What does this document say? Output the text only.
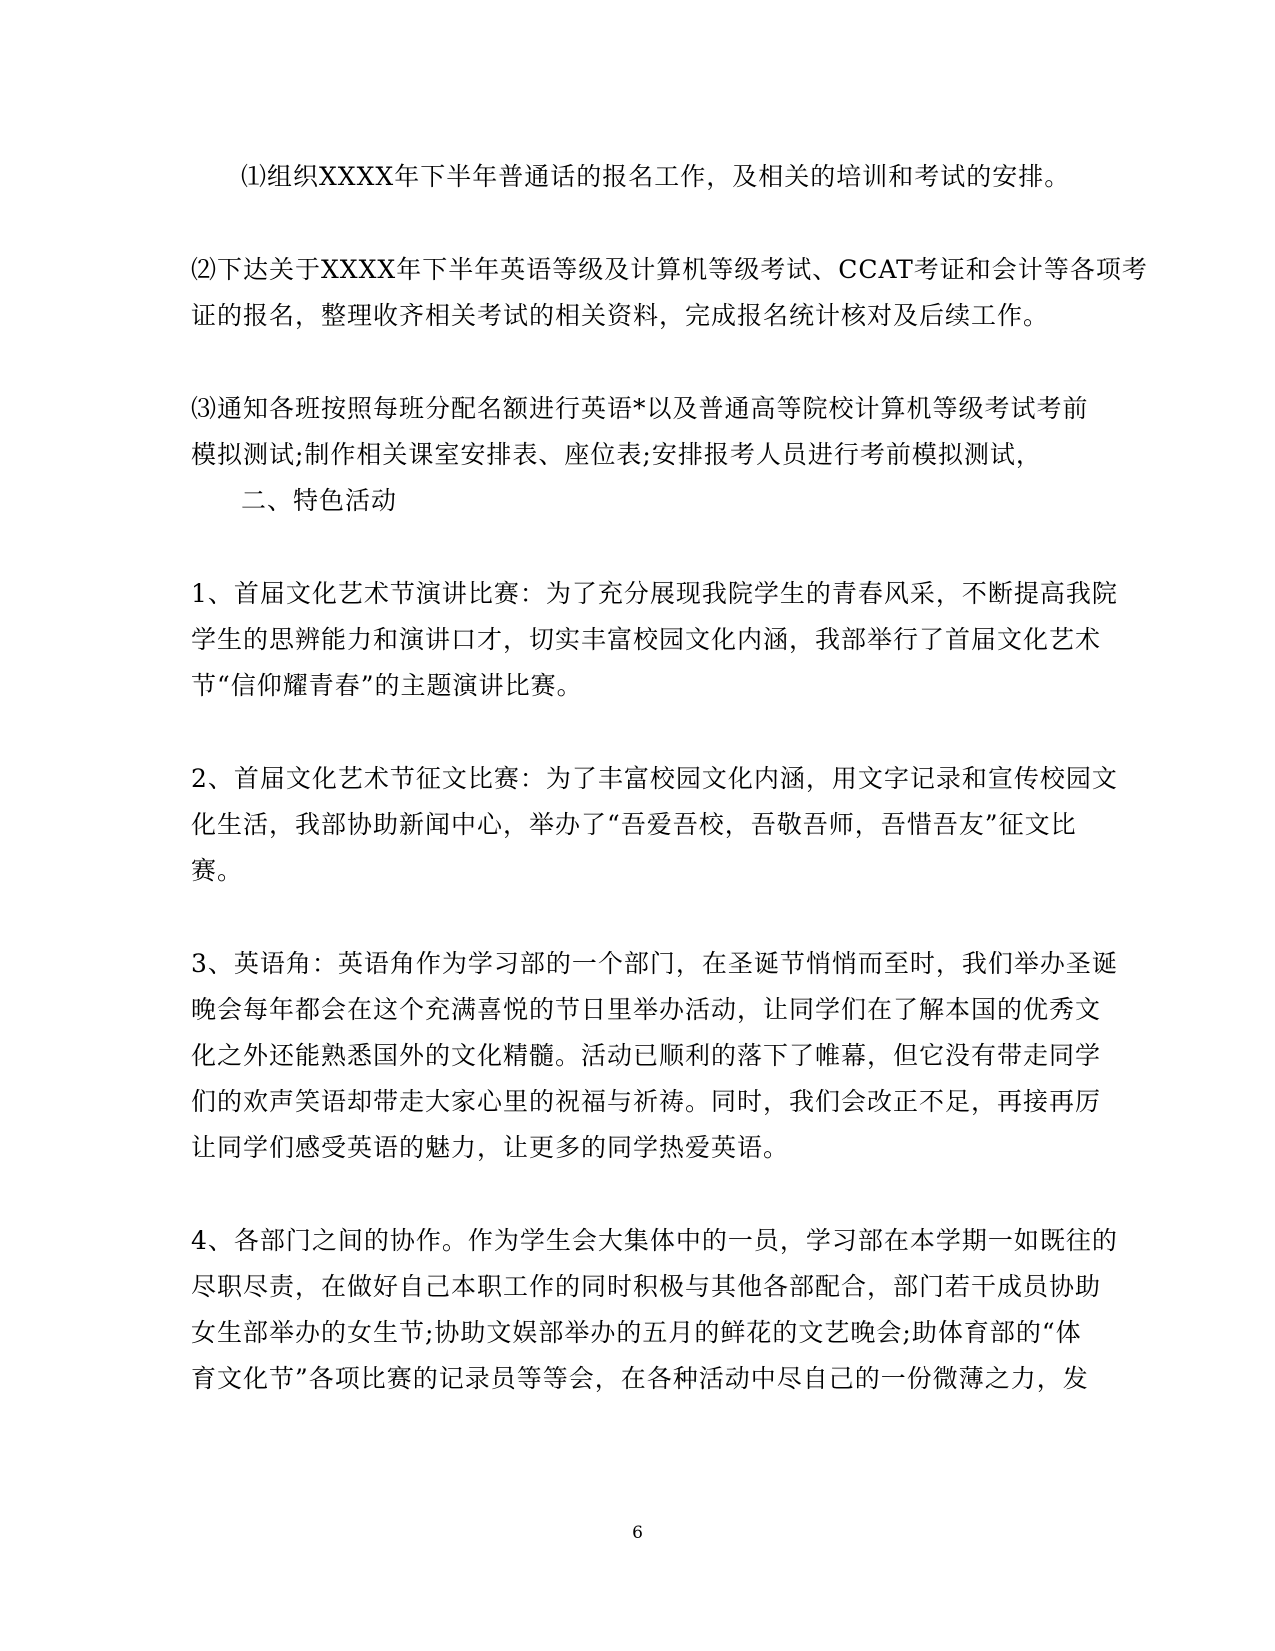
⑴组织XXXX年下半年普通话的报名工作，及相关的培训和考试的安排。
⑵下达关于XXXX年下半年英语等级及计算机等级考试、CCAT考证和会计等各项考
证的报名，整理收齐相关考试的相关资料，完成报名统计核对及后续工作。
⑶通知各班按照每班分配名额进行英语*以及普通高等院校计算机等级考试考前
模拟测试;制作相关课室安排表、座位表;安排报考人员进行考前模拟测试，
二、特色活动
1、首届文化艺术节演讲比赛：为了充分展现我院学生的青春风采，不断提高我院
学生的思辨能力和演讲口才，切实丰富校园文化内涵，我部举行了首届文化艺术
节“信仰耀青春”的主题演讲比赛。
2、首届文化艺术节征文比赛：为了丰富校园文化内涵，用文字记录和宣传校园文
化生活，我部协助新闻中心，举办了“吾爱吾校，吾敬吾师，吾惜吾友”征文比
赛。
3、英语角：英语角作为学习部的一个部门，在圣诞节悄悄而至时，我们举办圣诞
晚会每年都会在这个充满喜悦的节日里举办活动，让同学们在了解本国的优秀文
化之外还能熟悉国外的文化精髓。活动已顺利的落下了帷幕，但它没有带走同学
们的欢声笑语却带走大家心里的祝福与祈祷。同时，我们会改正不足，再接再厉
让同学们感受英语的魅力，让更多的同学热爱英语。
4、各部门之间的协作。作为学生会大集体中的一员，学习部在本学期一如既往的
尽职尽责，在做好自己本职工作的同时积极与其他各部配合，部门若干成员协助
女生部举办的女生节;协助文娱部举办的五月的鲜花的文艺晚会;助体育部的“体
育文化节”各项比赛的记录员等等会，在各种活动中尽自己的一份微薄之力，发
6
